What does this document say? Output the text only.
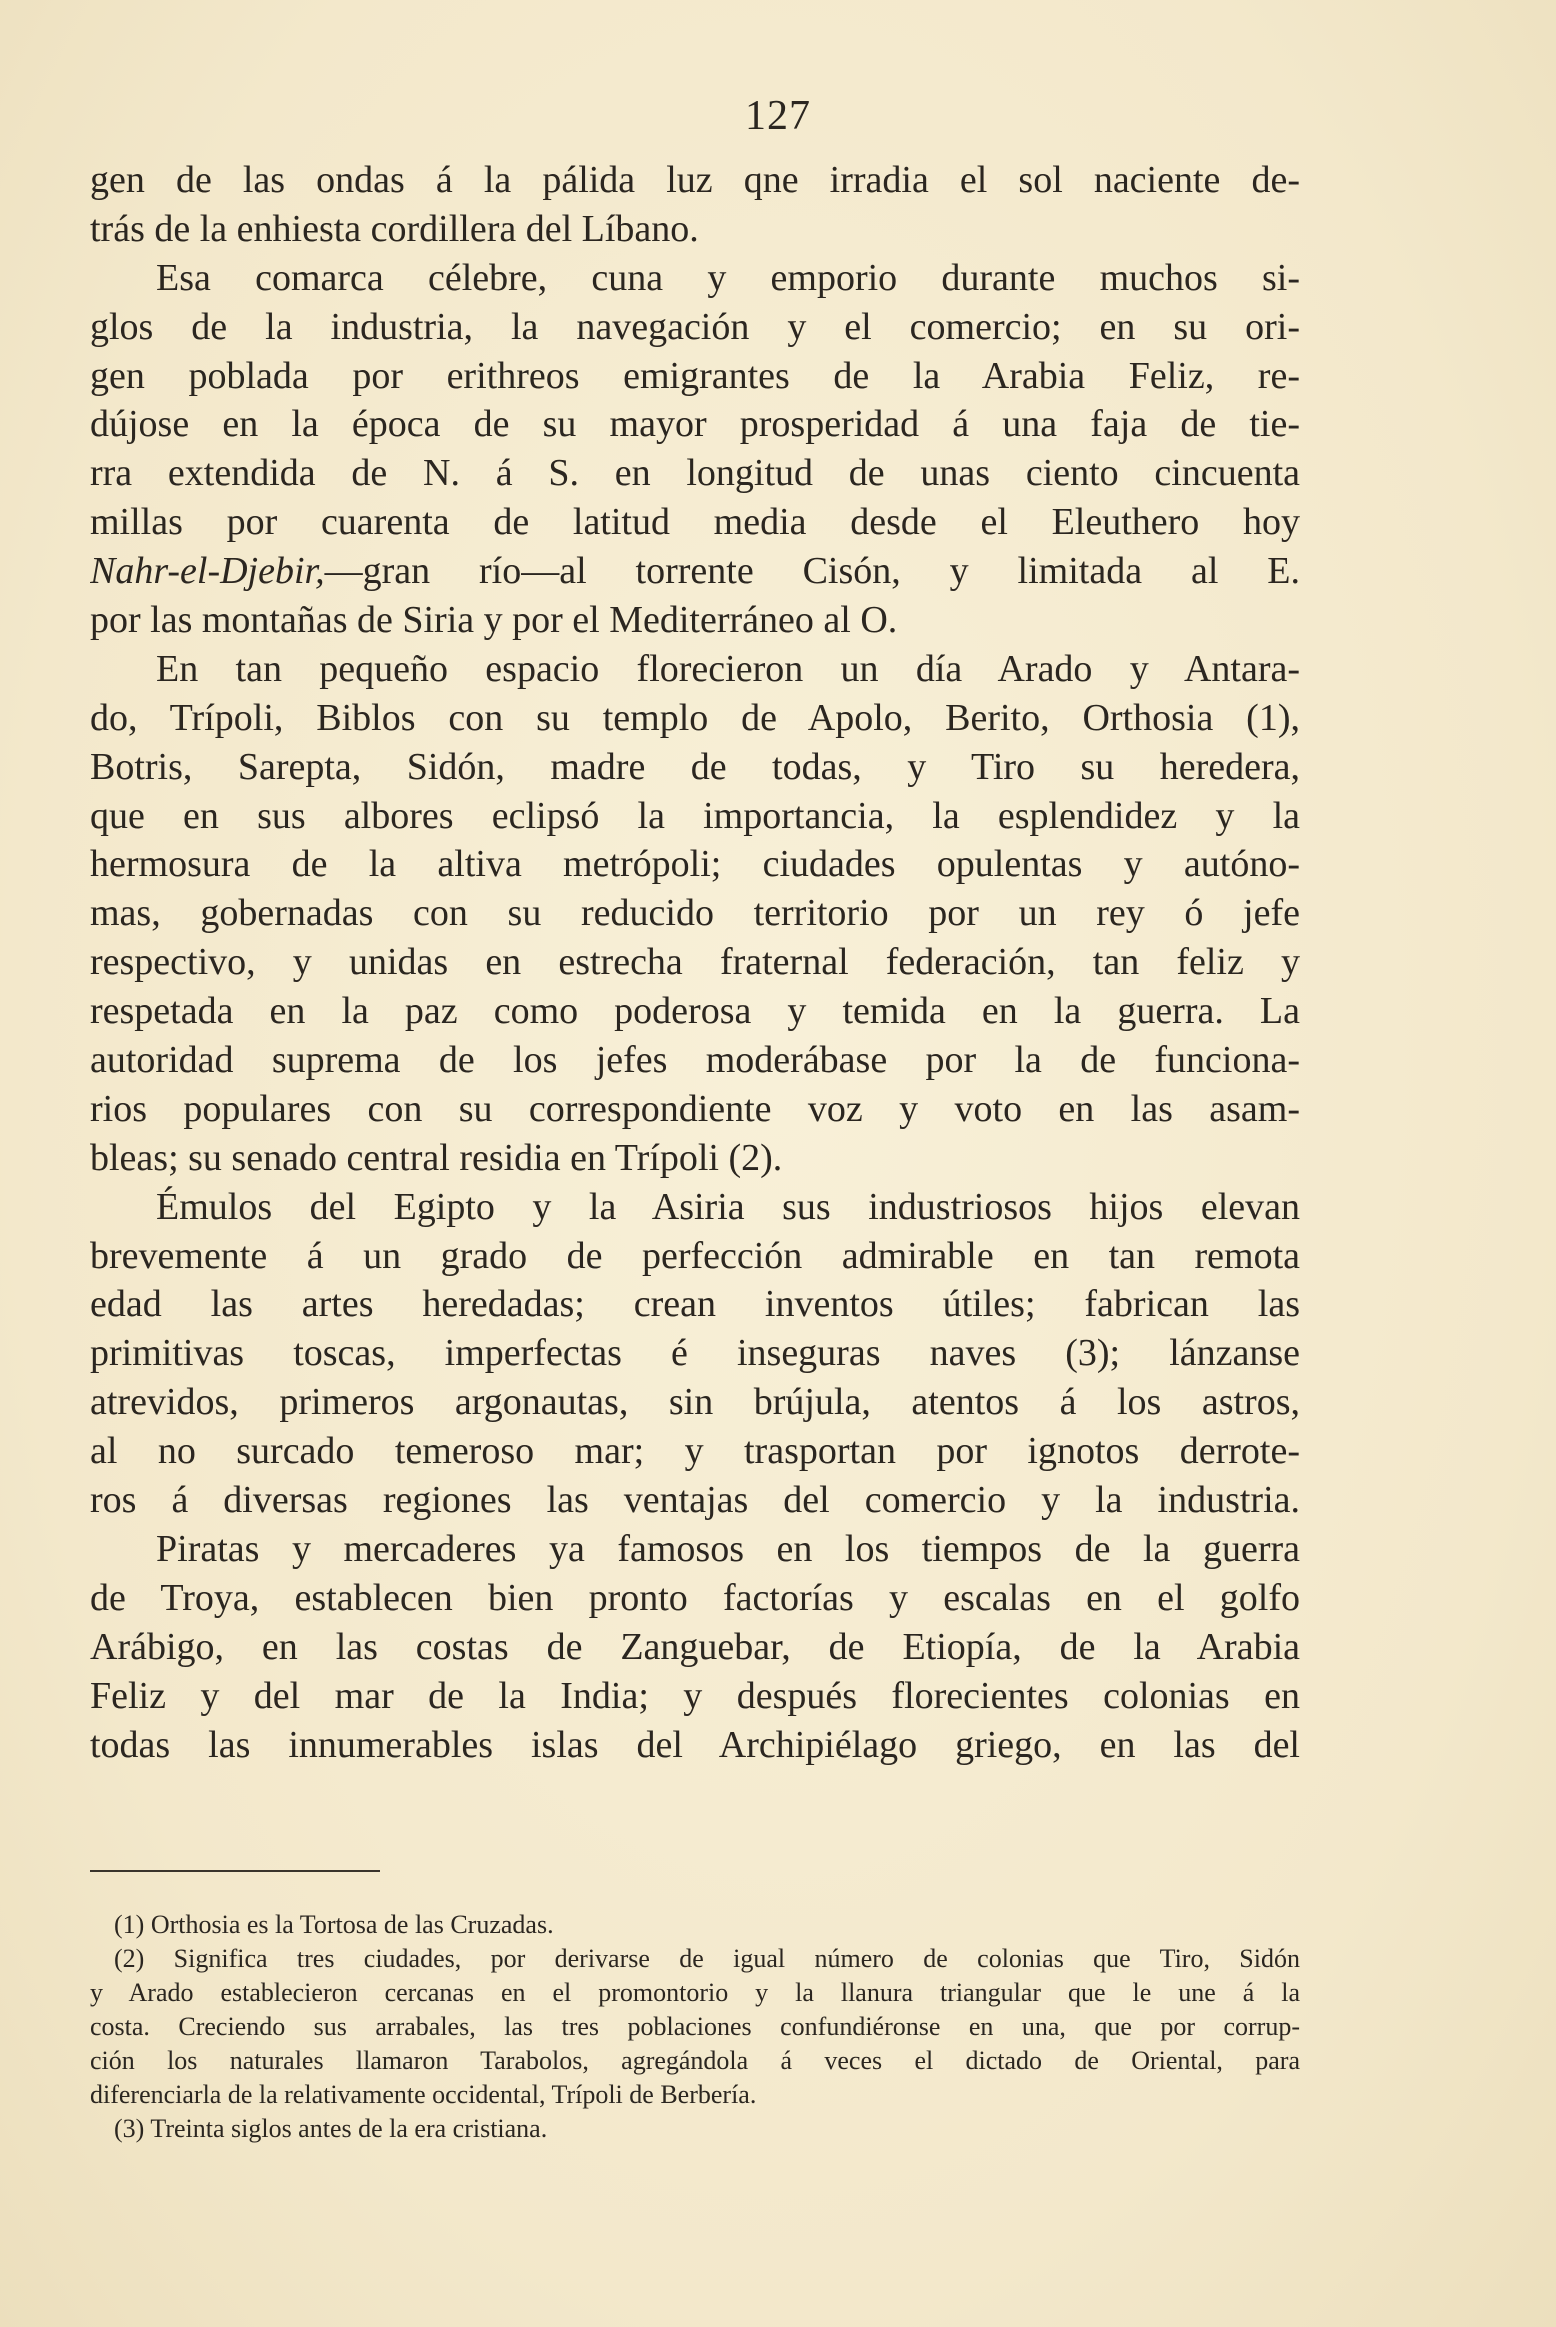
127
gen de las ondas á la pálida luz qne irradia el sol naciente de-
trás de la enhiesta cordillera del Líbano.
Esa comarca célebre, cuna y emporio durante muchos si-
glos de la industria, la navegación y el comercio; en su ori-
gen poblada por erithreos emigrantes de la Arabia Feliz, re-
dújose en la época de su mayor prosperidad á una faja de tie-
rra extendida de N. á S. en longitud de unas ciento cincuenta
millas por cuarenta de latitud media desde el Eleuthero hoy
Nahr-el-Djebir,—gran río—al torrente Cisón, y limitada al E.
por las montañas de Siria y por el Mediterráneo al O.
En tan pequeño espacio florecieron un día Arado y Antara-
do, Trípoli, Biblos con su templo de Apolo, Berito, Orthosia (1),
Botris, Sarepta, Sidón, madre de todas, y Tiro su heredera,
que en sus albores eclipsó la importancia, la esplendidez y la
hermosura de la altiva metrópoli; ciudades opulentas y autóno-
mas, gobernadas con su reducido territorio por un rey ó jefe
respectivo, y unidas en estrecha fraternal federación, tan feliz y
respetada en la paz como poderosa y temida en la guerra. La
autoridad suprema de los jefes moderábase por la de funciona-
rios populares con su correspondiente voz y voto en las asam-
bleas; su senado central residia en Trípoli (2).
Émulos del Egipto y la Asiria sus industriosos hijos elevan
brevemente á un grado de perfección admirable en tan remota
edad las artes heredadas; crean inventos útiles; fabrican las
primitivas toscas, imperfectas é inseguras naves (3); lánzanse
atrevidos, primeros argonautas, sin brújula, atentos á los astros,
al no surcado temeroso mar; y trasportan por ignotos derrote-
ros á diversas regiones las ventajas del comercio y la industria.
Piratas y mercaderes ya famosos en los tiempos de la guerra
de Troya, establecen bien pronto factorías y escalas en el golfo
Arábigo, en las costas de Zanguebar, de Etiopía, de la Arabia
Feliz y del mar de la India; y después florecientes colonias en
todas las innumerables islas del Archipiélago griego, en las del
(1) Orthosia es la Tortosa de las Cruzadas.
(2) Significa tres ciudades, por derivarse de igual número de colonias que Tiro, Sidón
y Arado establecieron cercanas en el promontorio y la llanura triangular que le une á la
costa. Creciendo sus arrabales, las tres poblaciones confundiéronse en una, que por corrup-
ción los naturales llamaron Tarabolos, agregándola á veces el dictado de Oriental, para
diferenciarla de la relativamente occidental, Trípoli de Berbería.
(3) Treinta siglos antes de la era cristiana.
